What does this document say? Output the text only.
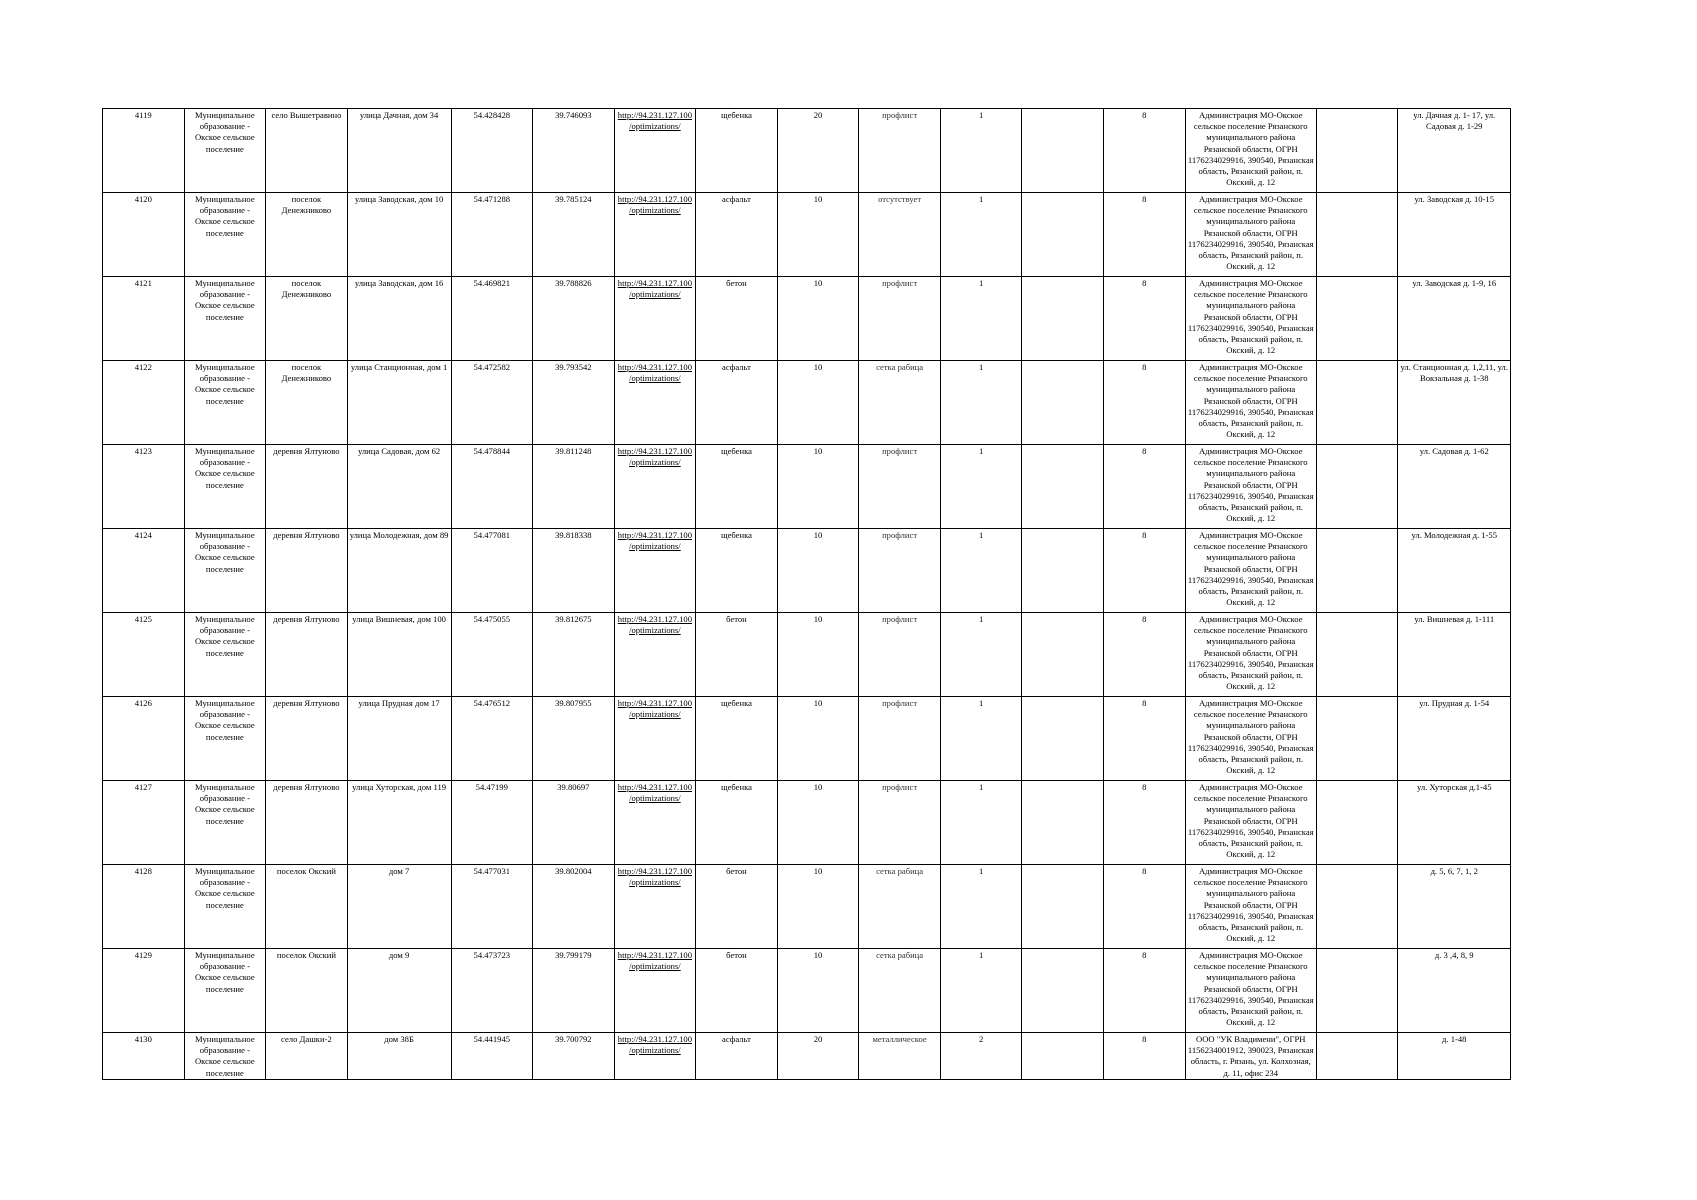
4119	Муниципальное образование - Окское сельское поселение	село Вышетравино	улица Дачная, дом 34	54.428428	39.746093	http://94.231.127.100/optimizations/	щебенка	20	профлист	1		8	Администрация МО-Окское сельское поселение Рязанского муниципального района Рязанской области, ОГРН 1176234029916, 390540, Рязанская область, Рязанский район, п. Окский, д. 12		ул. Дачная д. 1- 17, ул. Садовая д. 1-29
4120	Муниципальное образование - Окское сельское поселение	поселок Денежниково	улица Заводская, дом 10	54.471288	39.785124	http://94.231.127.100/optimizations/	асфальт	10	отсутствует	1		8	Администрация МО-Окское сельское поселение Рязанского муниципального района Рязанской области, ОГРН 1176234029916, 390540, Рязанская область, Рязанский район, п. Окский, д. 12		ул. Заводская д. 10-15
4121	Муниципальное образование - Окское сельское поселение	поселок Денежниково	улица Заводская, дом 16	54.469821	39.788826	http://94.231.127.100/optimizations/	бетон	10	профлист	1		8	Администрация МО-Окское сельское поселение Рязанского муниципального района Рязанской области, ОГРН 1176234029916, 390540, Рязанская область, Рязанский район, п. Окский, д. 12		ул. Заводская д. 1-9, 16
4122	Муниципальное образование - Окское сельское поселение	поселок Денежниково	улица Станционная, дом 1	54.472582	39.793542	http://94.231.127.100/optimizations/	асфальт	10	сетка рабица	1		8	Администрация МО-Окское сельское поселение Рязанского муниципального района Рязанской области, ОГРН 1176234029916, 390540, Рязанская область, Рязанский район, п. Окский, д. 12		ул. Станционная д. 1,2,11, ул. Вокзальная д. 1-38
4123	Муниципальное образование - Окское сельское поселение	деревня Ялтуново	улица Садовая, дом 62	54.478844	39.811248	http://94.231.127.100/optimizations/	щебенка	10	профлист	1		8	Администрация МО-Окское сельское поселение Рязанского муниципального района Рязанской области, ОГРН 1176234029916, 390540, Рязанская область, Рязанский район, п. Окский, д. 12		ул. Садовая д. 1-62
4124	Муниципальное образование - Окское сельское поселение	деревня Ялтуново	улица Молодежная, дом 89	54.477081	39.818338	http://94.231.127.100/optimizations/	щебенка	10	профлист	1		8	Администрация МО-Окское сельское поселение Рязанского муниципального района Рязанской области, ОГРН 1176234029916, 390540, Рязанская область, Рязанский район, п. Окский, д. 12		ул. Молодежная д. 1-55
4125	Муниципальное образование - Окское сельское поселение	деревня Ялтуново	улица Вишневая, дом 100	54.475055	39.812675	http://94.231.127.100/optimizations/	бетон	10	профлист	1		8	Администрация МО-Окское сельское поселение Рязанского муниципального района Рязанской области, ОГРН 1176234029916, 390540, Рязанская область, Рязанский район, п. Окский, д. 12		ул. Вишневая д. 1-111
4126	Муниципальное образование - Окское сельское поселение	деревня Ялтуново	улица Прудная дом 17	54.476512	39.807955	http://94.231.127.100/optimizations/	щебенка	10	профлист	1		8	Администрация МО-Окское сельское поселение Рязанского муниципального района Рязанской области, ОГРН 1176234029916, 390540, Рязанская область, Рязанский район, п. Окский, д. 12		ул. Прудная д. 1-54
4127	Муниципальное образование - Окское сельское поселение	деревня Ялтуново	улица Хуторская, дом 119	54.47199	39.80697	http://94.231.127.100/optimizations/	щебенка	10	профлист	1		8	Администрация МО-Окское сельское поселение Рязанского муниципального района Рязанской области, ОГРН 1176234029916, 390540, Рязанская область, Рязанский район, п. Окский, д. 12		ул. Хуторская д.1-45
4128	Муниципальное образование - Окское сельское поселение	поселок Окский	дом 7	54.477031	39.802004	http://94.231.127.100/optimizations/	бетон	10	сетка рабица	1		8	Администрация МО-Окское сельское поселение Рязанского муниципального района Рязанской области, ОГРН 1176234029916, 390540, Рязанская область, Рязанский район, п. Окский, д. 12		д. 5, 6, 7, 1, 2
4129	Муниципальное образование - Окское сельское поселение	поселок Окский	дом 9	54.473723	39.799179	http://94.231.127.100/optimizations/	бетон	10	сетка рабица	1		8	Администрация МО-Окское сельское поселение Рязанского муниципального района Рязанской области, ОГРН 1176234029916, 390540, Рязанская область, Рязанский район, п. Окский, д. 12		д. 3 ,4, 8, 9
4130	Муниципальное образование - Окское сельское поселение	село Дашки-2	дом 38Б	54.441945	39.700792	http://94.231.127.100/optimizations/	асфальт	20	металлическое	2		8	ООО "УК Владимени", ОГРН 1156234001912, 390023, Рязанская область, г. Рязань, ул. Колхозная, д. 11, офис 234		д. 1-48
